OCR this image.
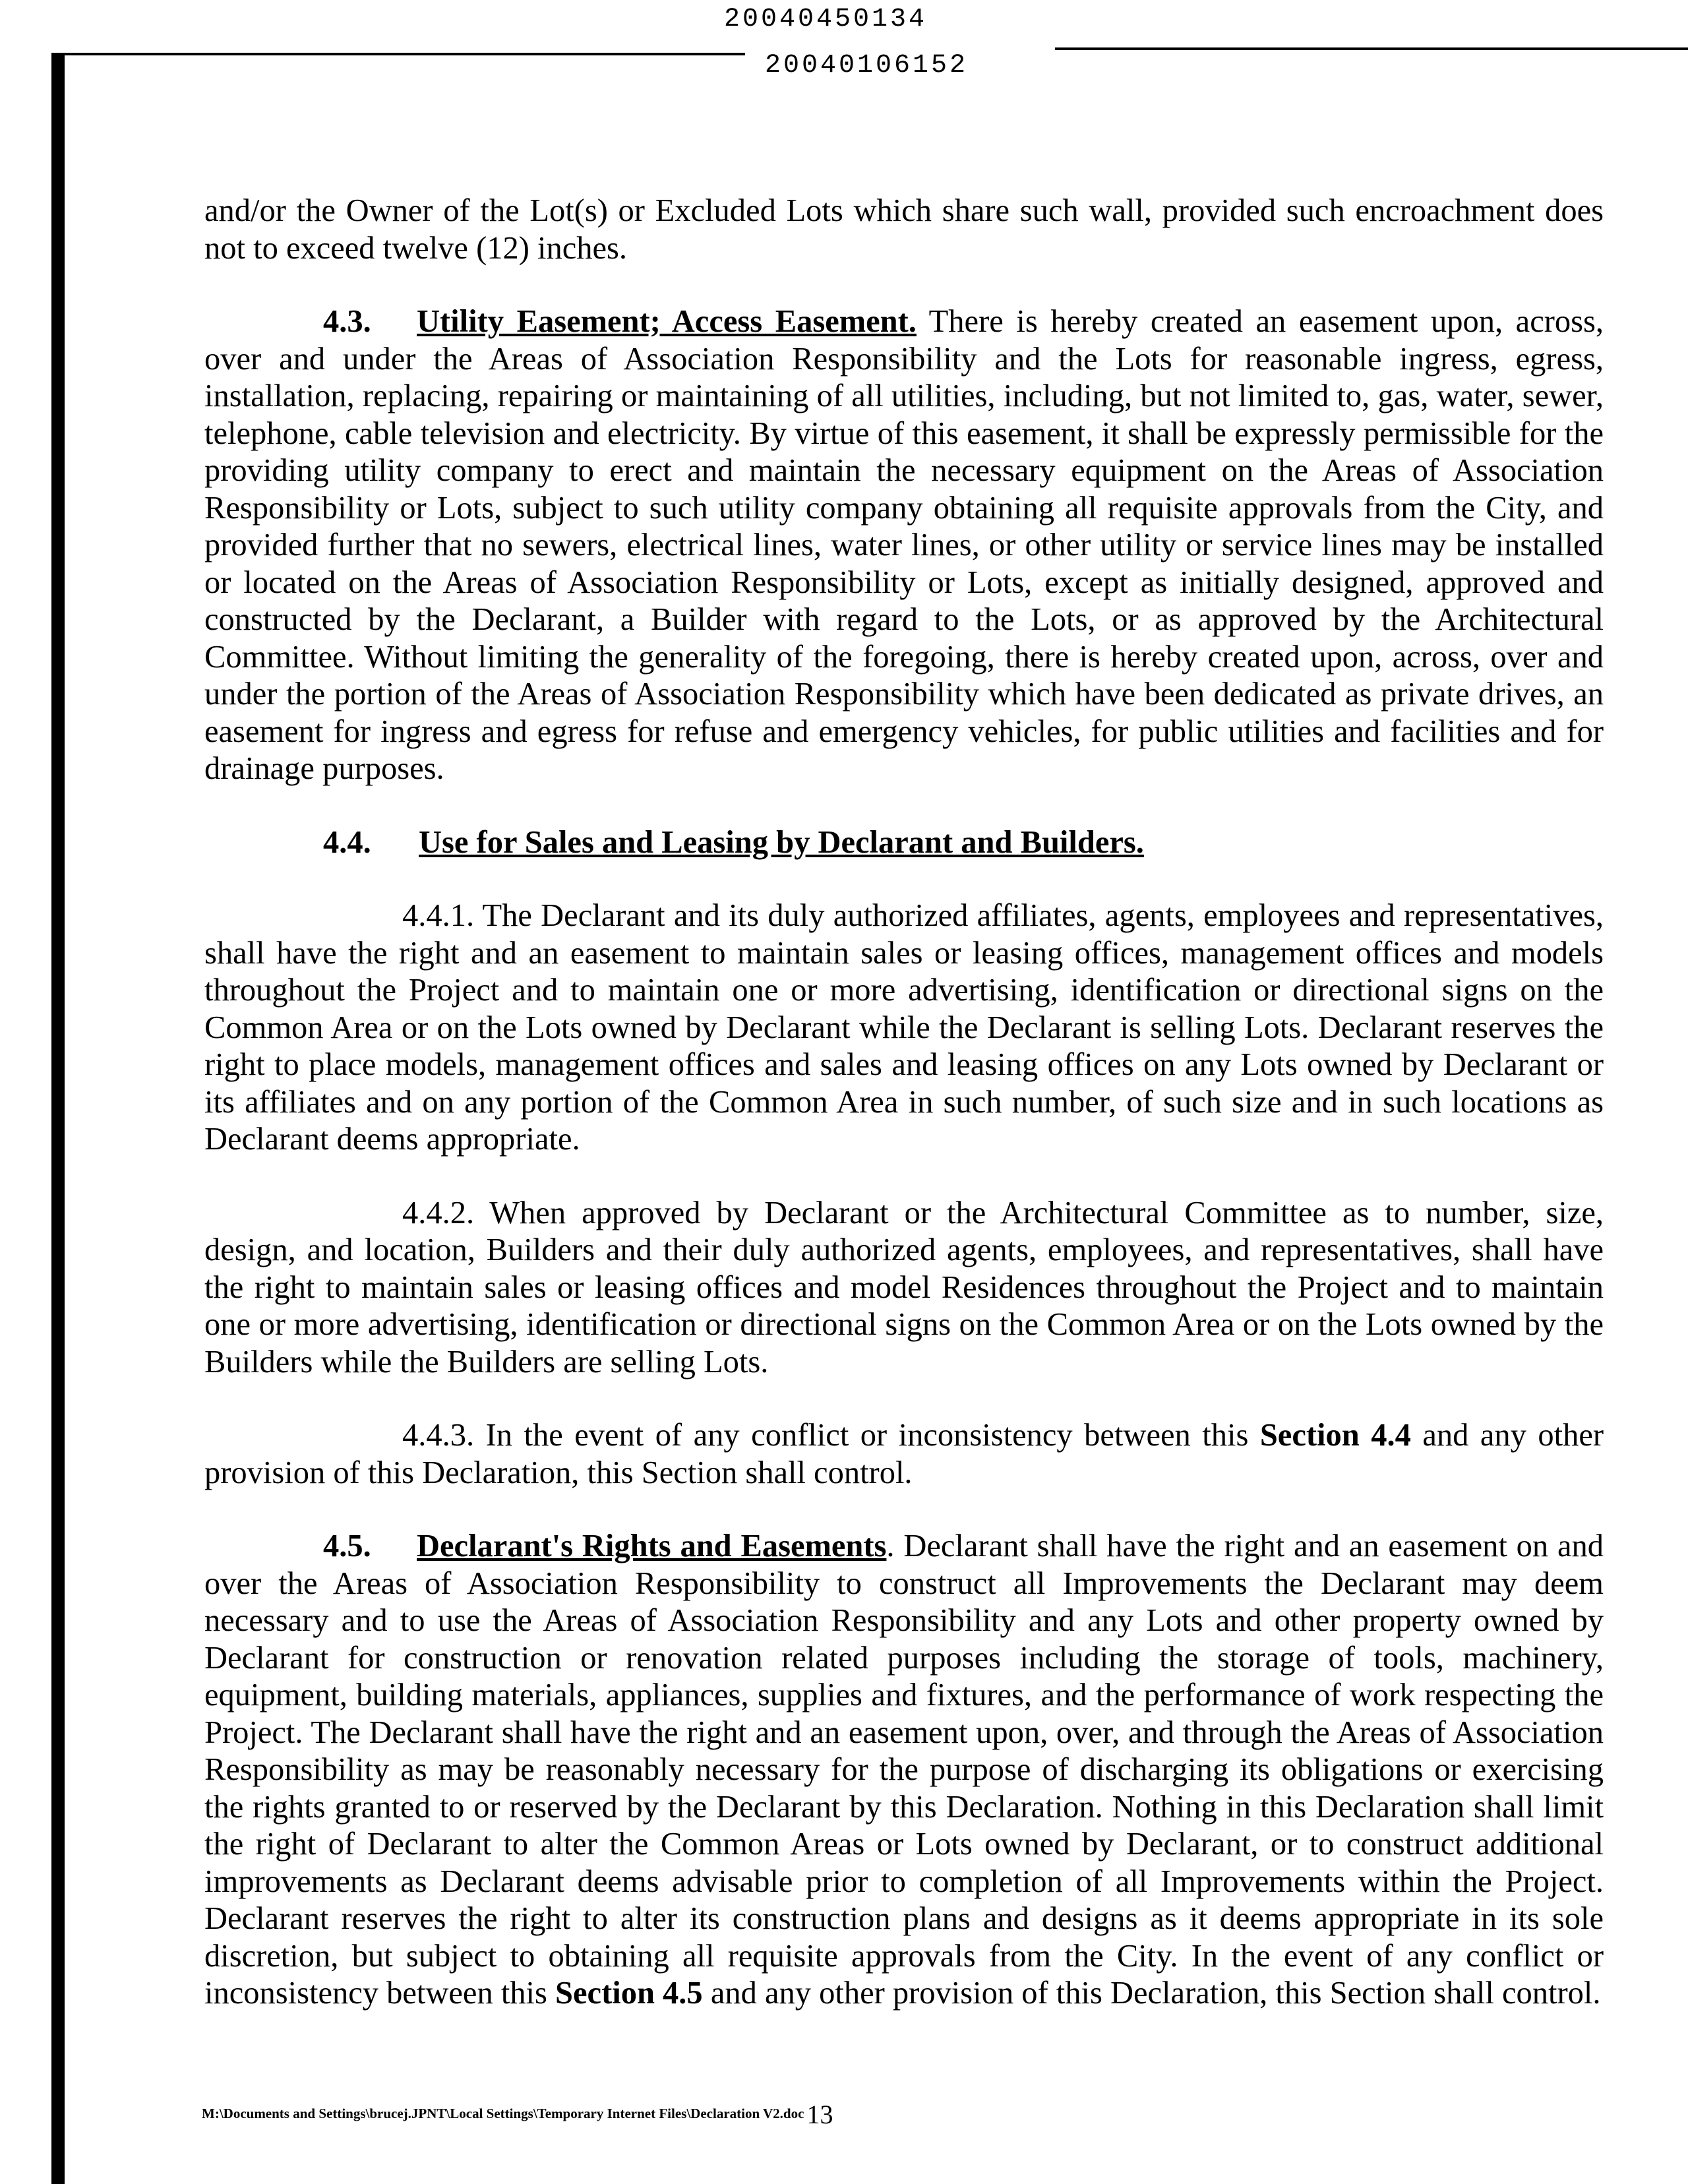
20040450134
20040106152

and/or the Owner of the Lot(s) or Excluded Lots which share such wall, provided such encroachment does not to exceed twelve (12) inches.

4.3. Utility Easement; Access Easement. There is hereby created an easement upon, across, over and under the Areas of Association Responsibility and the Lots for reasonable ingress, egress, installation, replacing, repairing or maintaining of all utilities, including, but not limited to, gas, water, sewer, telephone, cable television and electricity. By virtue of this easement, it shall be expressly permissible for the providing utility company to erect and maintain the necessary equipment on the Areas of Association Responsibility or Lots, subject to such utility company obtaining all requisite approvals from the City, and provided further that no sewers, electrical lines, water lines, or other utility or service lines may be installed or located on the Areas of Association Responsibility or Lots, except as initially designed, approved and constructed by the Declarant, a Builder with regard to the Lots, or as approved by the Architectural Committee. Without limiting the generality of the foregoing, there is hereby created upon, across, over and under the portion of the Areas of Association Responsibility which have been dedicated as private drives, an easement for ingress and egress for refuse and emergency vehicles, for public utilities and facilities and for drainage purposes.

4.4. Use for Sales and Leasing by Declarant and Builders.

4.4.1. The Declarant and its duly authorized affiliates, agents, employees and representatives, shall have the right and an easement to maintain sales or leasing offices, management offices and models throughout the Project and to maintain one or more advertising, identification or directional signs on the Common Area or on the Lots owned by Declarant while the Declarant is selling Lots. Declarant reserves the right to place models, management offices and sales and leasing offices on any Lots owned by Declarant or its affiliates and on any portion of the Common Area in such number, of such size and in such locations as Declarant deems appropriate.

4.4.2. When approved by Declarant or the Architectural Committee as to number, size, design, and location, Builders and their duly authorized agents, employees, and representatives, shall have the right to maintain sales or leasing offices and model Residences throughout the Project and to maintain one or more advertising, identification or directional signs on the Common Area or on the Lots owned by the Builders while the Builders are selling Lots.

4.4.3. In the event of any conflict or inconsistency between this Section 4.4 and any other provision of this Declaration, this Section shall control.

4.5. Declarant's Rights and Easements. Declarant shall have the right and an easement on and over the Areas of Association Responsibility to construct all Improvements the Declarant may deem necessary and to use the Areas of Association Responsibility and any Lots and other property owned by Declarant for construction or renovation related purposes including the storage of tools, machinery, equipment, building materials, appliances, supplies and fixtures, and the performance of work respecting the Project. The Declarant shall have the right and an easement upon, over, and through the Areas of Association Responsibility as may be reasonably necessary for the purpose of discharging its obligations or exercising the rights granted to or reserved by the Declarant by this Declaration. Nothing in this Declaration shall limit the right of Declarant to alter the Common Areas or Lots owned by Declarant, or to construct additional improvements as Declarant deems advisable prior to completion of all Improvements within the Project. Declarant reserves the right to alter its construction plans and designs as it deems appropriate in its sole discretion, but subject to obtaining all requisite approvals from the City. In the event of any conflict or inconsistency between this Section 4.5 and any other provision of this Declaration, this Section shall control.

M:\Documents and Settings\brucej.JPNT\Local Settings\Temporary Internet Files\Declaration V2.doc 13
